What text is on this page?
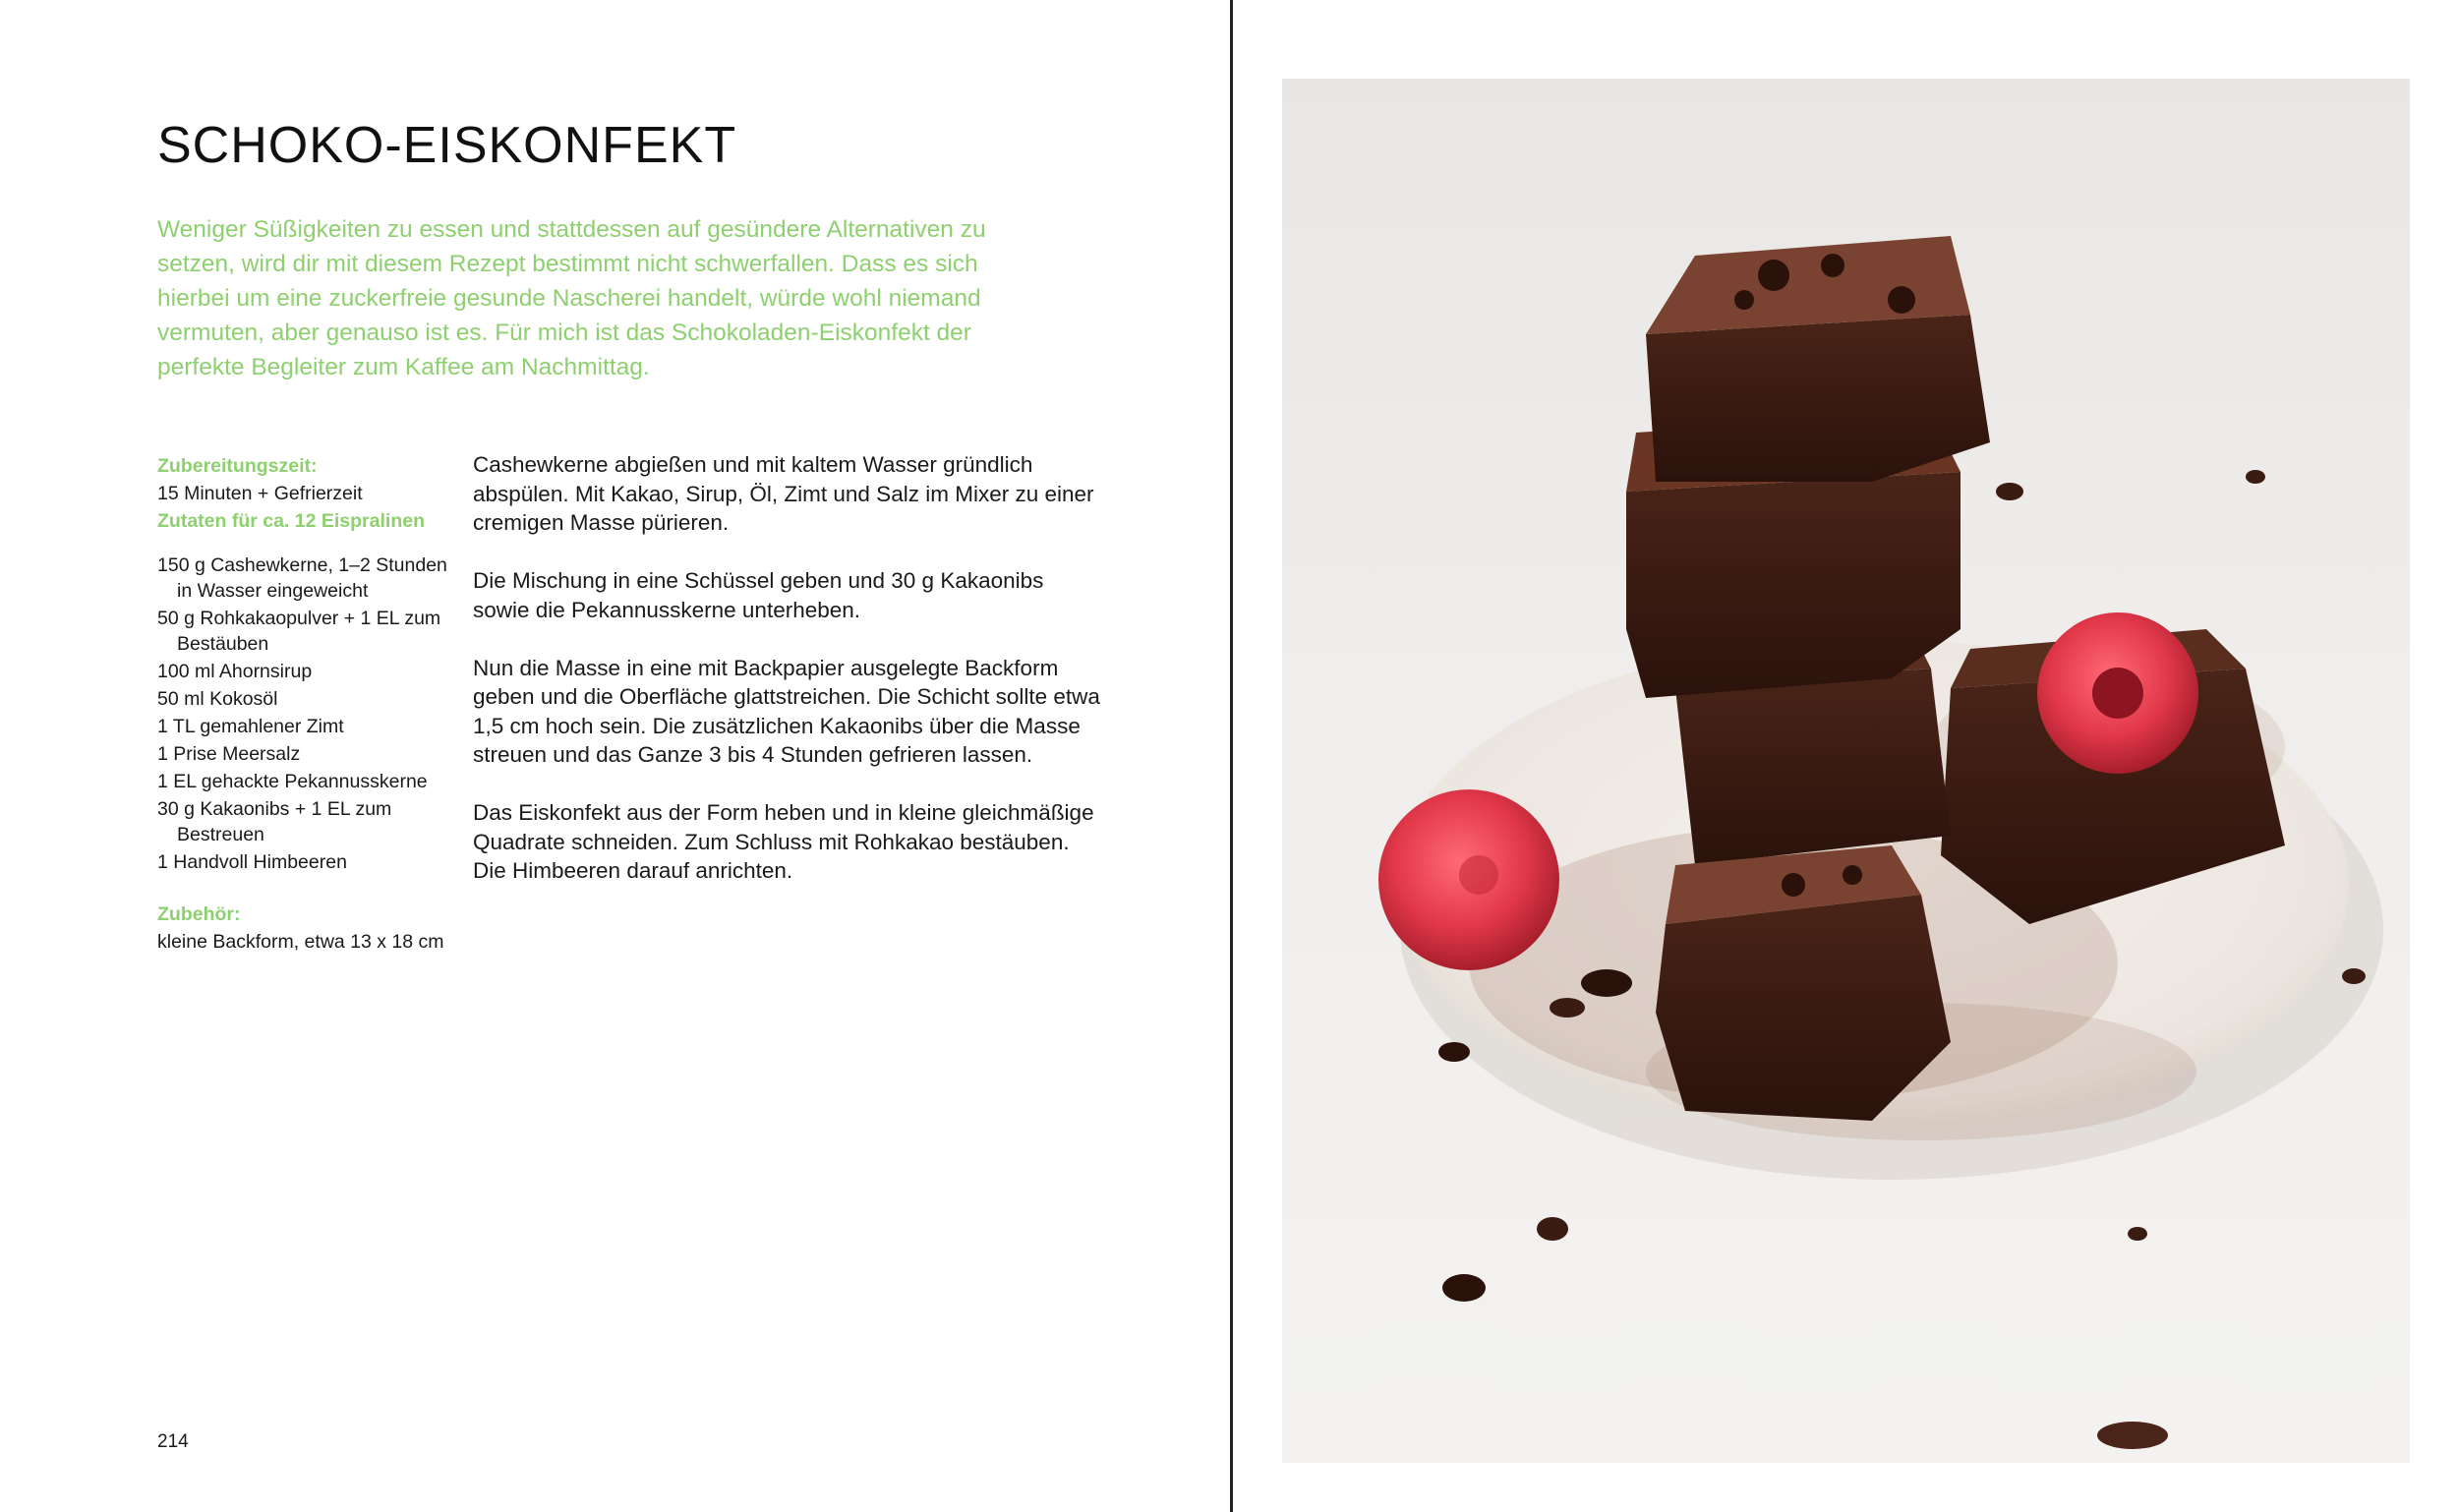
SCHOKO-EISKONFEKT

Weniger Süßigkeiten zu essen und stattdessen auf gesündere Alternativen zu setzen, wird dir mit diesem Rezept bestimmt nicht schwerfallen. Dass es sich hierbei um eine zuckerfreie gesunde Nascherei handelt, würde wohl niemand vermuten, aber genauso ist es. Für mich ist das Schokoladen-Eiskonfekt der perfekte Begleiter zum Kaffee am Nachmittag.

Zubereitungszeit:
15 Minuten + Gefrierzeit
Zutaten für ca. 12 Eispralinen
150 g Cashewkerne, 1–2 Stunden in Wasser eingeweicht
50 g Rohkakaopulver + 1 EL zum Bestäuben
100 ml Ahornsirup
50 ml Kokosöl
1 TL gemahlener Zimt
1 Prise Meersalz
1 EL gehackte Pekannusskerne
30 g Kakaonibs + 1 EL zum Bestreuen
1 Handvoll Himbeeren
Zubehör:
kleine Backform, etwa 13 x 18 cm

Cashewkerne abgießen und mit kaltem Wasser gründlich abspülen. Mit Kakao, Sirup, Öl, Zimt und Salz im Mixer zu einer cremigen Masse pürieren.

Die Mischung in eine Schüssel geben und 30 g Kakaonibs sowie die Pekannusskerne unterheben.

Nun die Masse in eine mit Backpapier ausgelegte Backform geben und die Oberfläche glattstreichen. Die Schicht sollte etwa 1,5 cm hoch sein. Die zusätzlichen Kakaonibs über die Masse streuen und das Ganze 3 bis 4 Stunden gefrieren lassen.

Das Eiskonfekt aus der Form heben und in kleine gleichmäßige Quadrate schneiden. Zum Schluss mit Rohkakao bestäuben. Die Himbeeren darauf anrichten.

214
